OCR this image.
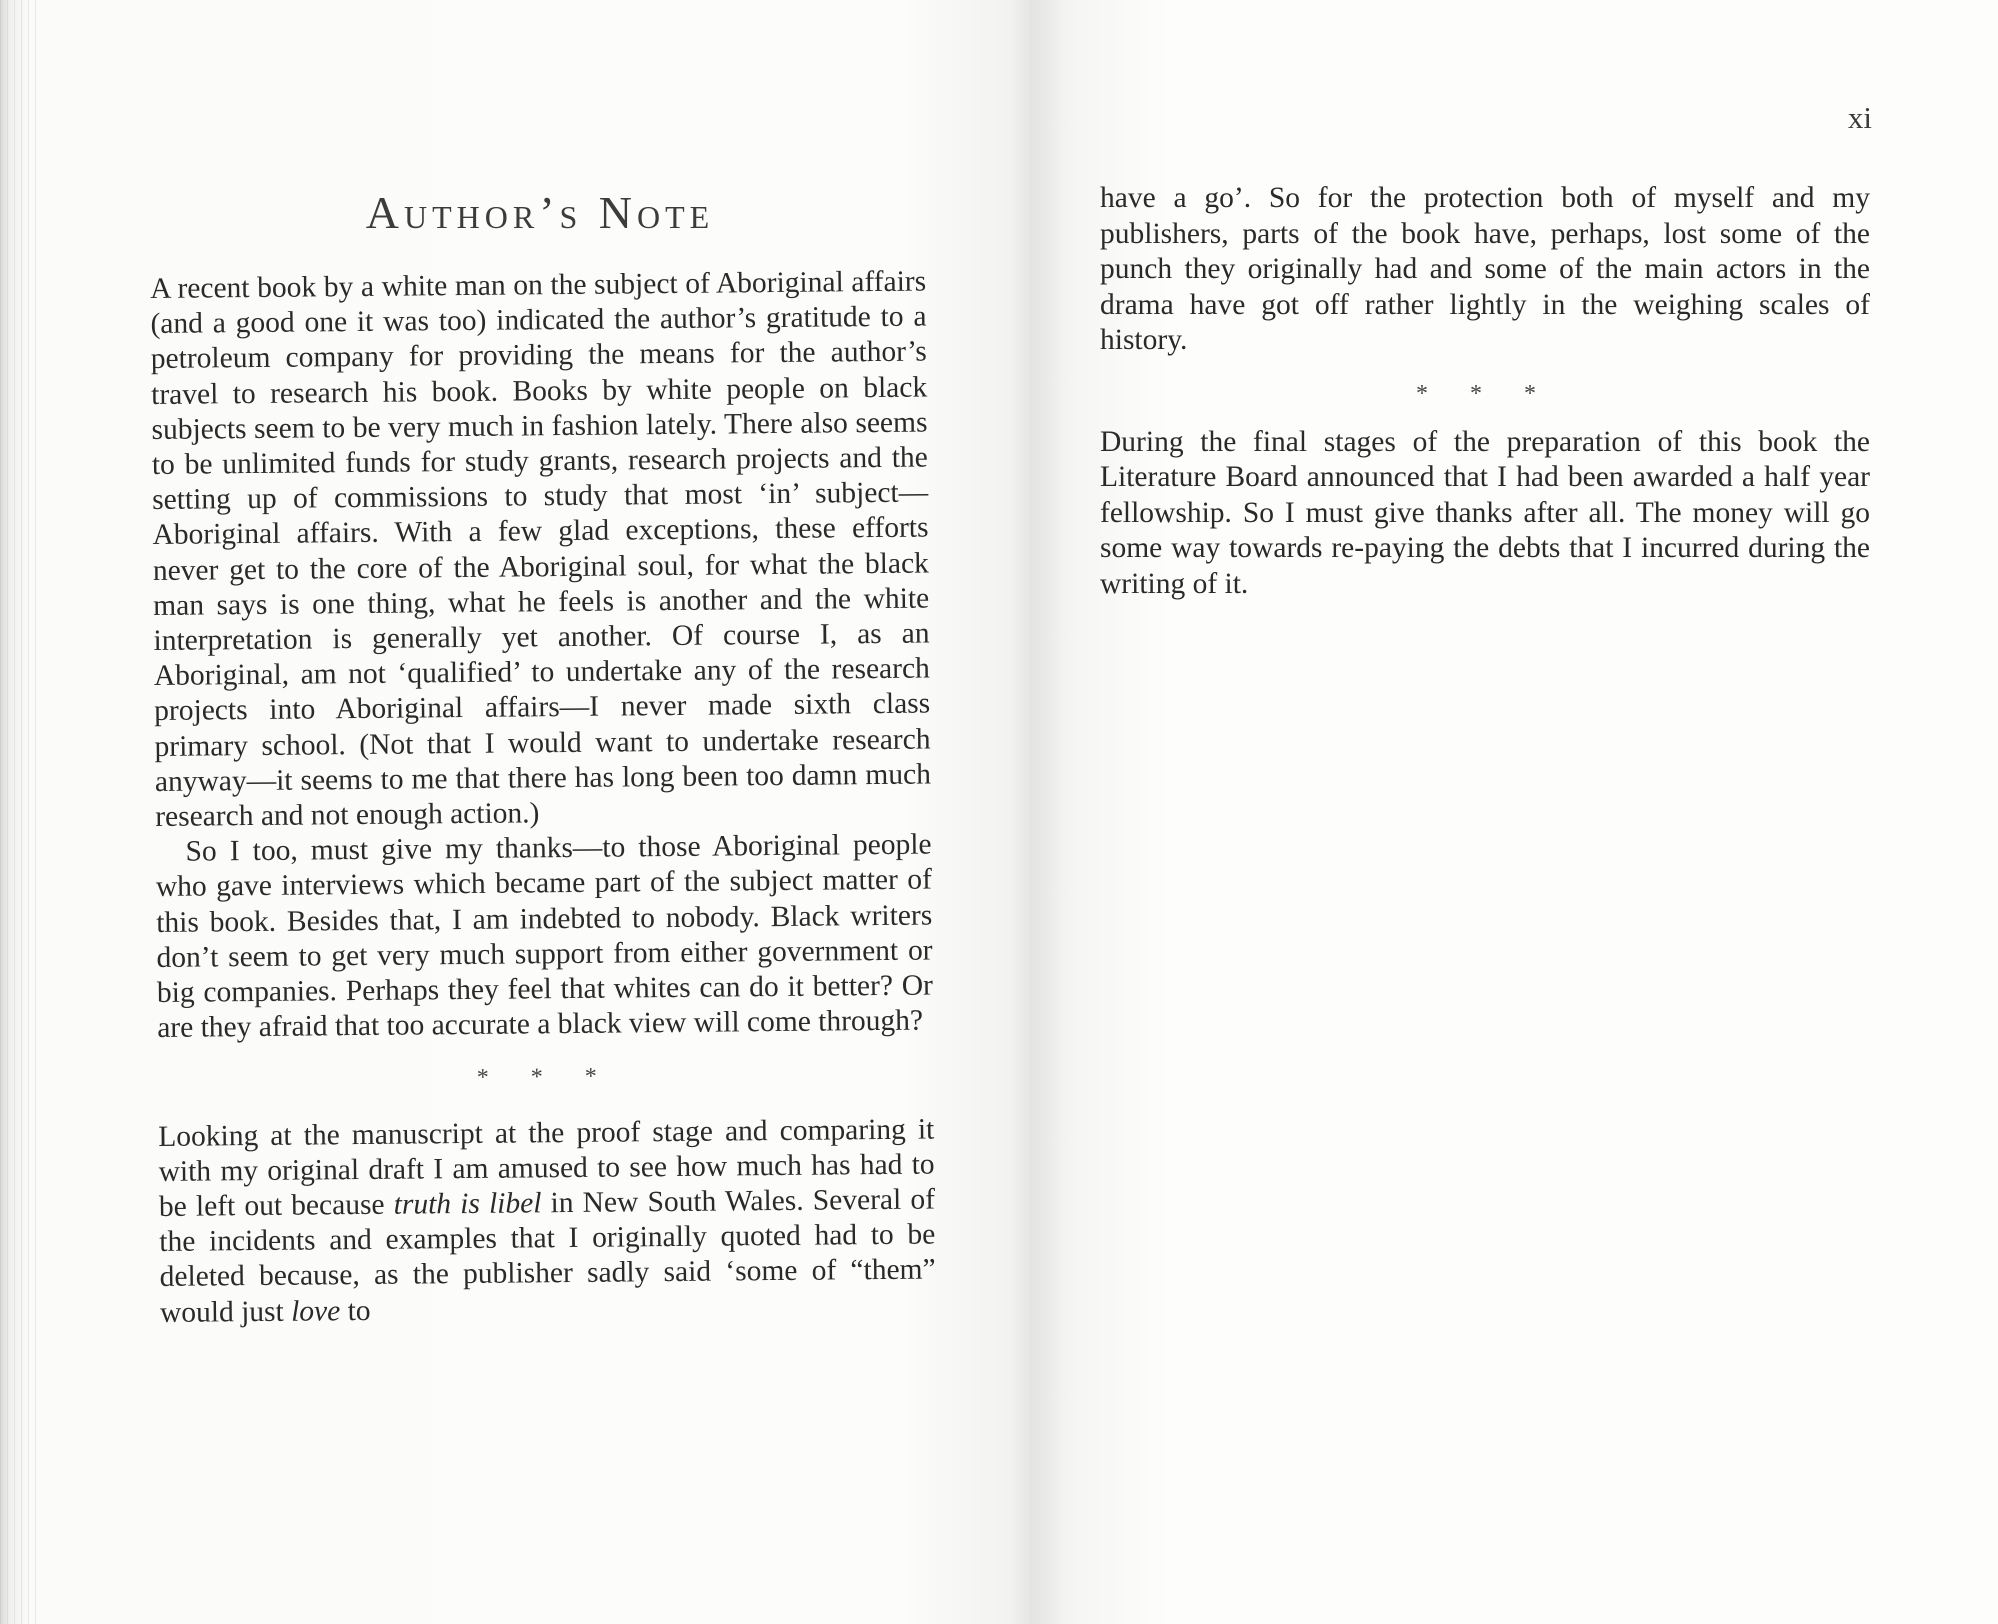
xi
Author’s Note

A recent book by a white man on the subject of Aboriginal affairs (and a good one it was too) indicated the author’s gratitude to a petroleum company for providing the means for the author’s travel to research his book. Books by white people on black subjects seem to be very much in fashion lately. There also seems to be unlimited funds for study grants, research projects and the setting up of commissions to study that most ‘in’ subject—Aboriginal affairs. With a few glad exceptions, these efforts never get to the core of the Aboriginal soul, for what the black man says is one thing, what he feels is another and the white interpretation is generally yet another. Of course I, as an Aboriginal, am not ‘qualified’ to undertake any of the research projects into Aboriginal affairs—I never made sixth class primary school. (Not that I would want to undertake research anyway—it seems to me that there has long been too damn much research and not enough action.)

So I too, must give my thanks—to those Aboriginal people who gave interviews which became part of the subject matter of this book. Besides that, I am indebted to nobody. Black writers don’t seem to get very much support from either government or big companies. Perhaps they feel that whites can do it better? Or are they afraid that too accurate a black view will come through?

* * *

Looking at the manuscript at the proof stage and comparing it with my original draft I am amused to see how much has had to be left out because truth is libel in New South Wales. Several of the incidents and examples that I originally quoted had to be deleted because, as the publisher sadly said ‘some of “them” would just love to

have a go’. So for the protection both of myself and my publishers, parts of the book have, perhaps, lost some of the punch they originally had and some of the main actors in the drama have got off rather lightly in the weighing scales of history.

* * *

During the final stages of the preparation of this book the Literature Board announced that I had been awarded a half year fellowship. So I must give thanks after all. The money will go some way towards re-paying the debts that I incurred during the writing of it.
